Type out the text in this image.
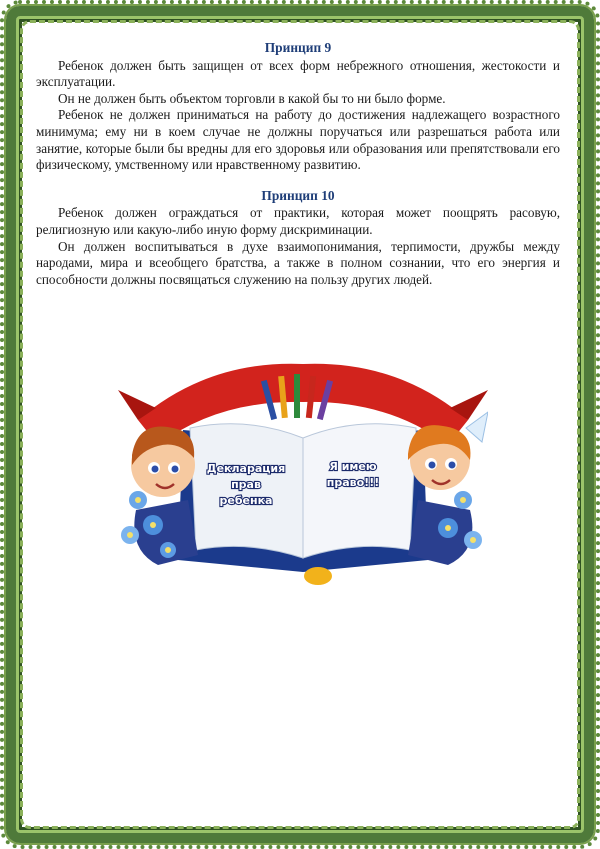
Принцип 9

Ребенок должен быть защищен от всех форм небрежного отношения, жестокости и эксплуатации.

Он не должен быть объектом торговли в какой бы то ни было форме.

Ребенок не должен приниматься на работу до достижения надлежащего возрастного минимума; ему ни в коем случае не должны поручаться или разрешаться работа или занятие, которые были бы вредны для его здоровья или образования или препятствовали его физическому, умственному или нравственному развитию.

Принцип 10

Ребенок должен ограждаться от практики, которая может поощрять расовую, религиозную или какую-либо иную форму дискриминации.

Он должен воспитываться в духе взаимопонимания, терпимости, дружбы между народами, мира и всеобщего братства, а также в полном сознании, что его энергия и способности должны посвящаться служению на пользу других людей.

Декларация
прав
ребенка
Я имею
право!!!
